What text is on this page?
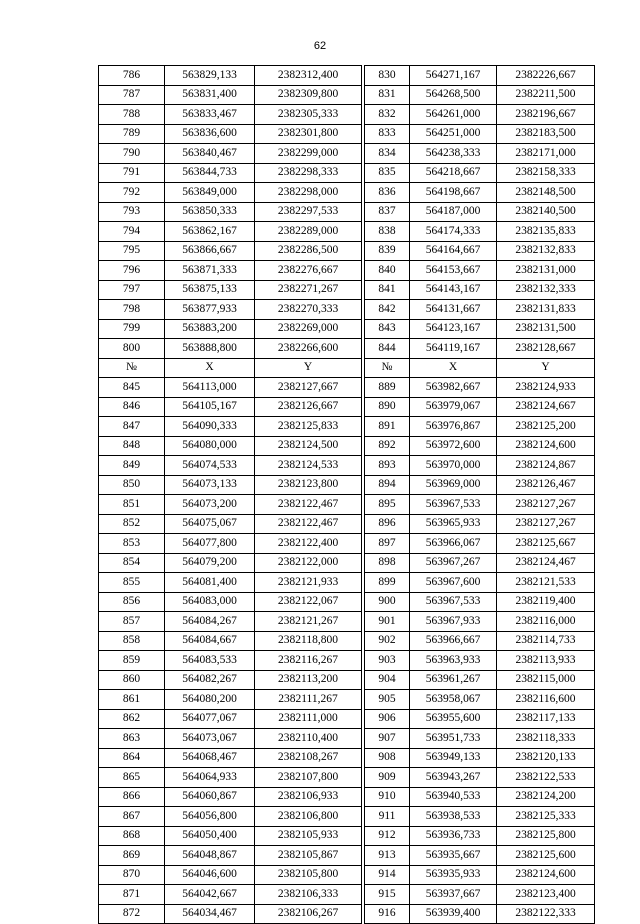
62
786	563829,133	2382312,400
787	563831,400	2382309,800
788	563833,467	2382305,333
789	563836,600	2382301,800
790	563840,467	2382299,000
791	563844,733	2382298,333
792	563849,000	2382298,000
793	563850,333	2382297,533
794	563862,167	2382289,000
795	563866,667	2382286,500
796	563871,333	2382276,667
797	563875,133	2382271,267
798	563877,933	2382270,333
799	563883,200	2382269,000
800	563888,800	2382266,600
№	X	Y
845	564113,000	2382127,667
846	564105,167	2382126,667
847	564090,333	2382125,833
848	564080,000	2382124,500
849	564074,533	2382124,533
850	564073,133	2382123,800
851	564073,200	2382122,467
852	564075,067	2382122,467
853	564077,800	2382122,400
854	564079,200	2382122,000
855	564081,400	2382121,933
856	564083,000	2382122,067
857	564084,267	2382121,267
858	564084,667	2382118,800
859	564083,533	2382116,267
860	564082,267	2382113,200
861	564080,200	2382111,267
862	564077,067	2382111,000
863	564073,067	2382110,400
864	564068,467	2382108,267
865	564064,933	2382107,800
866	564060,867	2382106,933
867	564056,800	2382106,800
868	564050,400	2382105,933
869	564048,867	2382105,867
870	564046,600	2382105,800
871	564042,667	2382106,333
872	564034,467	2382106,267
830	564271,167	2382226,667
831	564268,500	2382211,500
832	564261,000	2382196,667
833	564251,000	2382183,500
834	564238,333	2382171,000
835	564218,667	2382158,333
836	564198,667	2382148,500
837	564187,000	2382140,500
838	564174,333	2382135,833
839	564164,667	2382132,833
840	564153,667	2382131,000
841	564143,167	2382132,333
842	564131,667	2382131,833
843	564123,167	2382131,500
844	564119,167	2382128,667
№	X	Y
889	563982,667	2382124,933
890	563979,067	2382124,667
891	563976,867	2382125,200
892	563972,600	2382124,600
893	563970,000	2382124,867
894	563969,000	2382126,467
895	563967,533	2382127,267
896	563965,933	2382127,267
897	563966,067	2382125,667
898	563967,267	2382124,467
899	563967,600	2382121,533
900	563967,533	2382119,400
901	563967,933	2382116,000
902	563966,667	2382114,733
903	563963,933	2382113,933
904	563961,267	2382115,000
905	563958,067	2382116,600
906	563955,600	2382117,133
907	563951,733	2382118,333
908	563949,133	2382120,133
909	563943,267	2382122,533
910	563940,533	2382124,200
911	563938,533	2382125,333
912	563936,733	2382125,800
913	563935,667	2382125,600
914	563935,933	2382124,600
915	563937,667	2382123,400
916	563939,400	2382122,333
